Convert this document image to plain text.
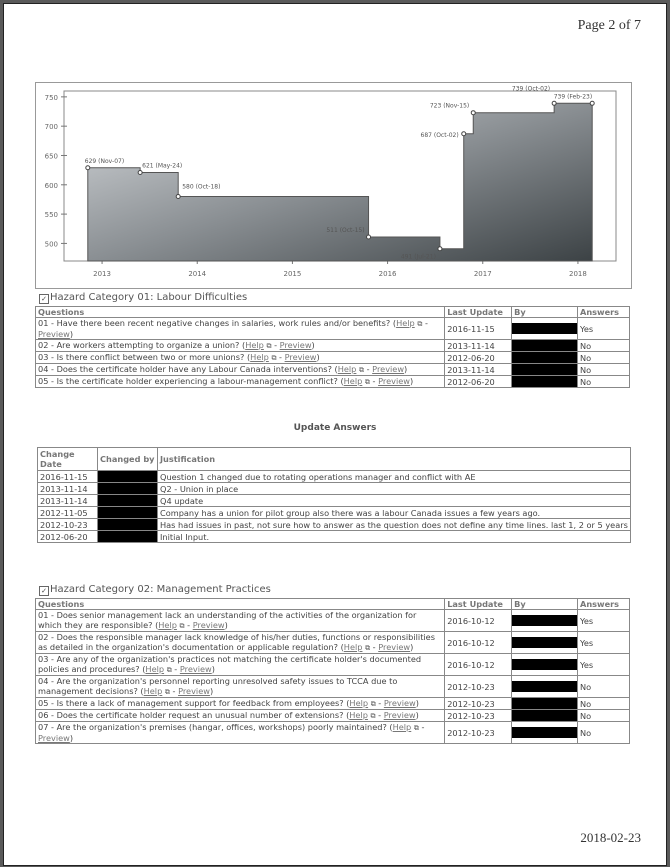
Page 2 of 7
500
550
600
650
700
750
2013	2014	2015	2016	2017	2018
629 (Nov-07)
621 (May-24)
580 (Oct-18)
511 (Oct-15)
491 (Jul-21)
687 (Oct-02)
723 (Nov-15)
739 (Oct-02)
739 (Feb-23)
✓ Hazard Category 01: Labour Difficulties
Questions	Last Update	By	Answers
01 - Have there been recent negative changes in salaries, work rules and/or benefits? (Help ⧉ - Preview)	2016-11-15		Yes
02 - Are workers attempting to organize a union? (Help ⧉ - Preview)	2013-11-14		No
03 - Is there conflict between two or more unions? (Help ⧉ - Preview)	2012-06-20		No
04 - Does the certificate holder have any Labour Canada interventions? (Help ⧉ - Preview)	2013-11-14		No
05 - Is the certificate holder experiencing a labour-management conflict? (Help ⧉ - Preview)	2012-06-20		No
Update Answers
Change Date	Changed by	Justification
2016-11-15		Question 1 changed due to rotating operations manager and conflict with AE
2013-11-14		Q2 - Union in place
2013-11-14		Q4 update
2012-11-05		Company has a union for pilot group also there was a labour Canada issues a few years ago.
2012-10-23		Has had issues in past, not sure how to answer as the question does not define any time lines. last 1, 2 or 5 years
2012-06-20		Initial Input.
✓ Hazard Category 02: Management Practices
Questions	Last Update	By	Answers
01 - Does senior management lack an understanding of the activities of the organization for which they are responsible? (Help ⧉ - Preview)	2016-10-12		Yes
02 - Does the responsible manager lack knowledge of his/her duties, functions or responsibilities as detailed in the organization's documentation or applicable regulation? (Help ⧉ - Preview)	2016-10-12		Yes
03 - Are any of the organization's practices not matching the certificate holder's documented policies and procedures? (Help ⧉ - Preview)	2016-10-12		Yes
04 - Are the organization's personnel reporting unresolved safety issues to TCCA due to management decisions? (Help ⧉ - Preview)	2012-10-23		No
05 - Is there a lack of management support for feedback from employees? (Help ⧉ - Preview)	2012-10-23		No
06 - Does the certificate holder request an unusual number of extensions? (Help ⧉ - Preview)	2012-10-23		No
07 - Are the organization's premises (hangar, offices, workshops) poorly maintained? (Help ⧉ - Preview)	2012-10-23		No
2018-02-23
